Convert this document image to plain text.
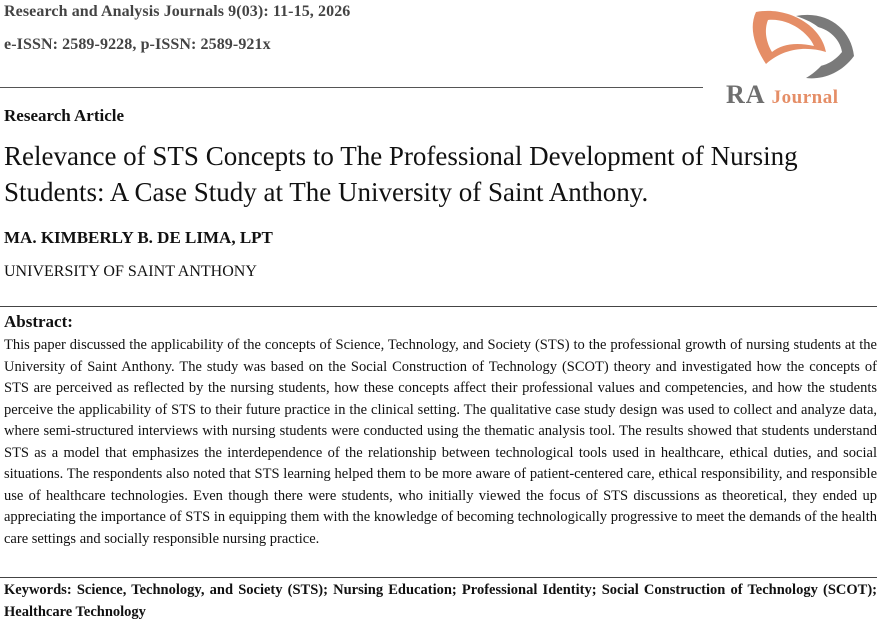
Research and Analysis Journals 9(03): 11-15, 2026
e-ISSN: 2589-9228, p-ISSN: 2589-921x
RA Journal
Research Article
Relevance of STS Concepts to The Professional Development of Nursing Students: A Case Study at The University of Saint Anthony.
MA. KIMBERLY B. DE LIMA, LPT
UNIVERSITY OF SAINT ANTHONY
Abstract:
This paper discussed the applicability of the concepts of Science, Technology, and Society (STS) to the professional growth of nursing students at the University of Saint Anthony. The study was based on the Social Construction of Technology (SCOT) theory and investigated how the concepts of STS are perceived as reflected by the nursing students, how these concepts affect their professional values and competencies, and how the students perceive the applicability of STS to their future practice in the clinical setting. The qualitative case study design was used to collect and analyze data, where semi-structured interviews with nursing students were conducted using the thematic analysis tool. The results showed that students understand STS as a model that emphasizes the interdependence of the relationship between technological tools used in healthcare, ethical duties, and social situations. The respondents also noted that STS learning helped them to be more aware of patient-centered care, ethical responsibility, and responsible use of healthcare technologies. Even though there were students, who initially viewed the focus of STS discussions as theoretical, they ended up appreciating the importance of STS in equipping them with the knowledge of becoming technologically progressive to meet the demands of the health care settings and socially responsible nursing practice.
Keywords: Science, Technology, and Society (STS); Nursing Education; Professional Identity; Social Construction of Technology (SCOT); Healthcare Technology
